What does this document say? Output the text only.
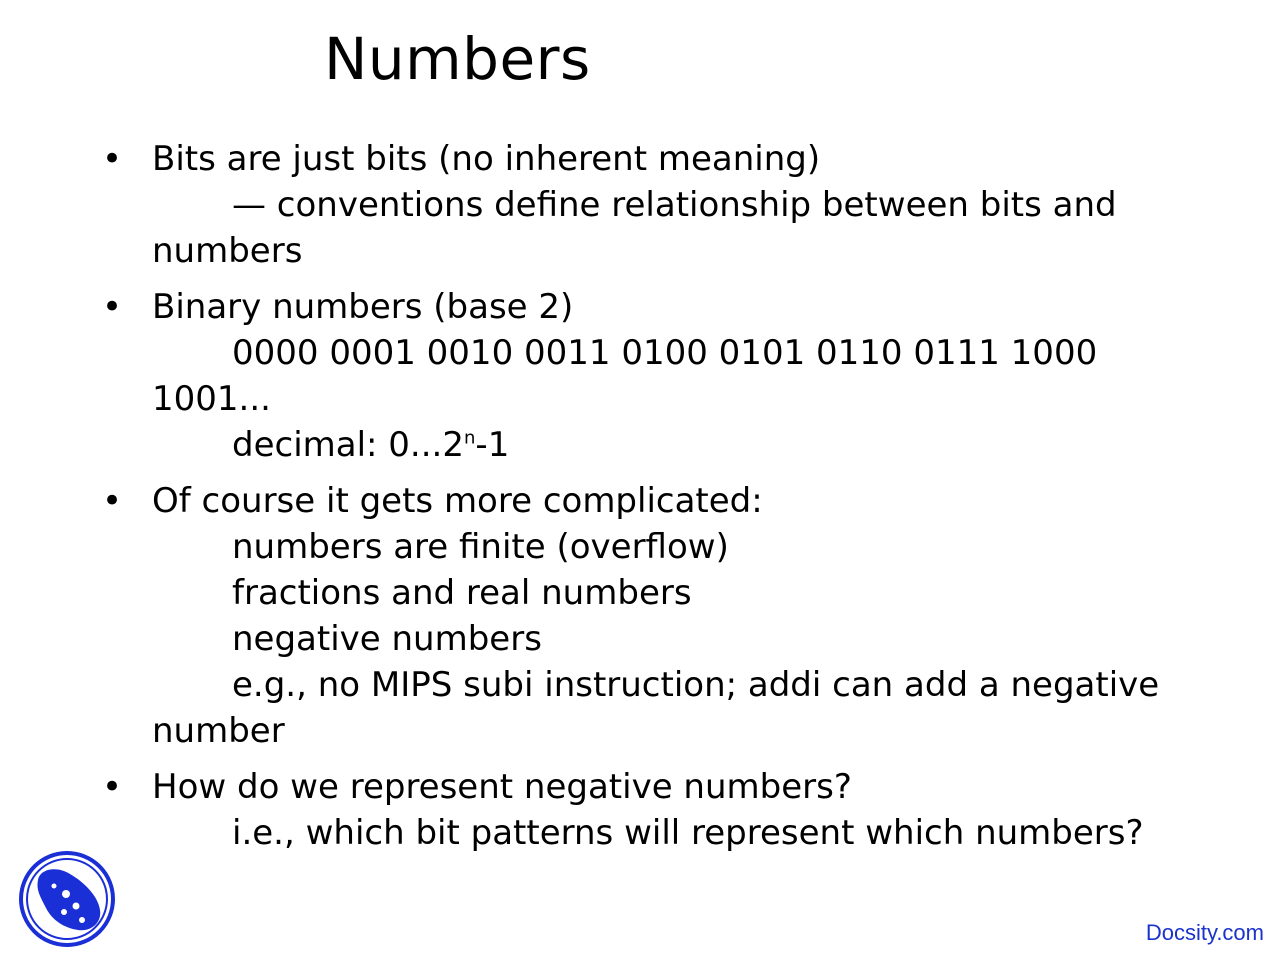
Numbers
• Bits are just bits (no inherent meaning)
— conventions define relationship between bits and
numbers
• Binary numbers (base 2)
0000 0001 0010 0011 0100 0101 0110 0111 1000
1001...
decimal: 0...2$^n$-1
• Of course it gets more complicated:
numbers are finite (overflow)
fractions and real numbers
negative numbers
e.g., no MIPS subi instruction; addi can add a negative
number
• How do we represent negative numbers?
i.e., which bit patterns will represent which numbers?
Docsity.com
